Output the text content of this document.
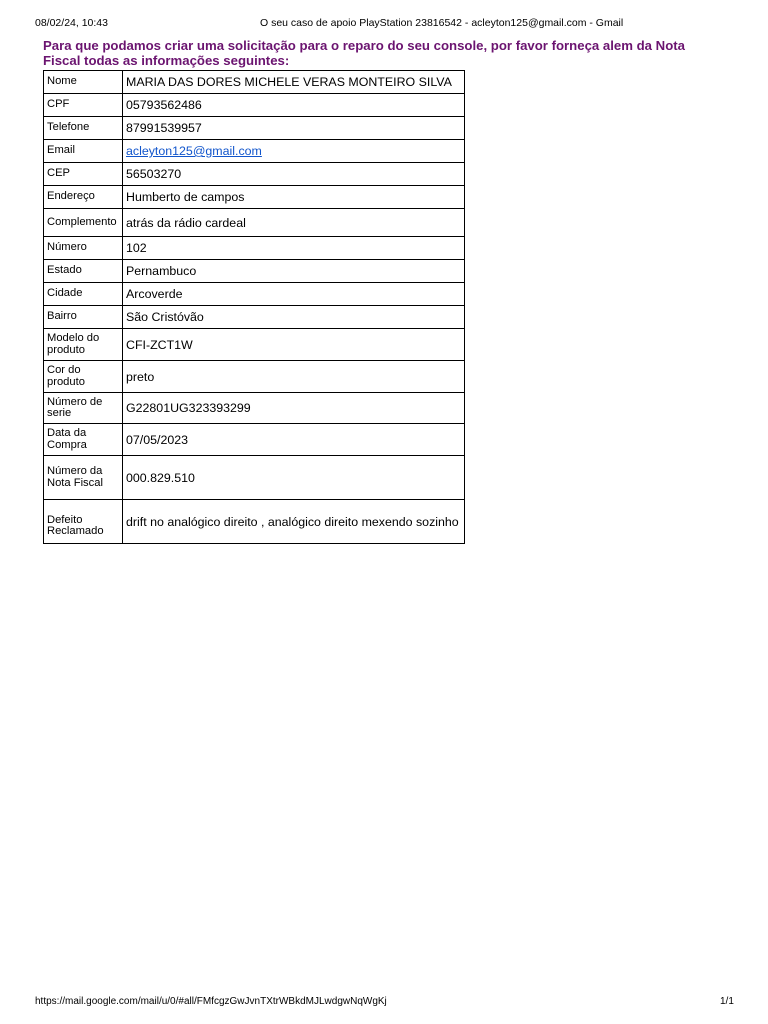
08/02/24, 10:43	O seu caso de apoio PlayStation 23816542 - acleyton125@gmail.com - Gmail
Para que podamos criar uma solicitação para o reparo do seu console, por favor forneça alem da Nota Fiscal todas as informações seguintes:
Nome	MARIA DAS DORES MICHELE VERAS MONTEIRO SILVA
CPF	05793562486
Telefone	87991539957
Email	acleyton125@gmail.com
CEP	56503270
Endereço	Humberto de campos
Complemento	atrás da rádio cardeal
Número	102
Estado	Pernambuco
Cidade	Arcoverde
Bairro	São Cristóvão
Modelo do produto	CFI-ZCT1W
Cor do produto	preto
Número de serie	G22801UG323393299
Data da Compra	07/05/2023
Número da Nota Fiscal	000.829.510
Defeito Reclamado	drift no analógico direito , analógico direito mexendo sozinho
https://mail.google.com/mail/u/0/#all/FMfcgzGwJvnTXtrWBkdMJLwdgwNqWgKj	1/1
